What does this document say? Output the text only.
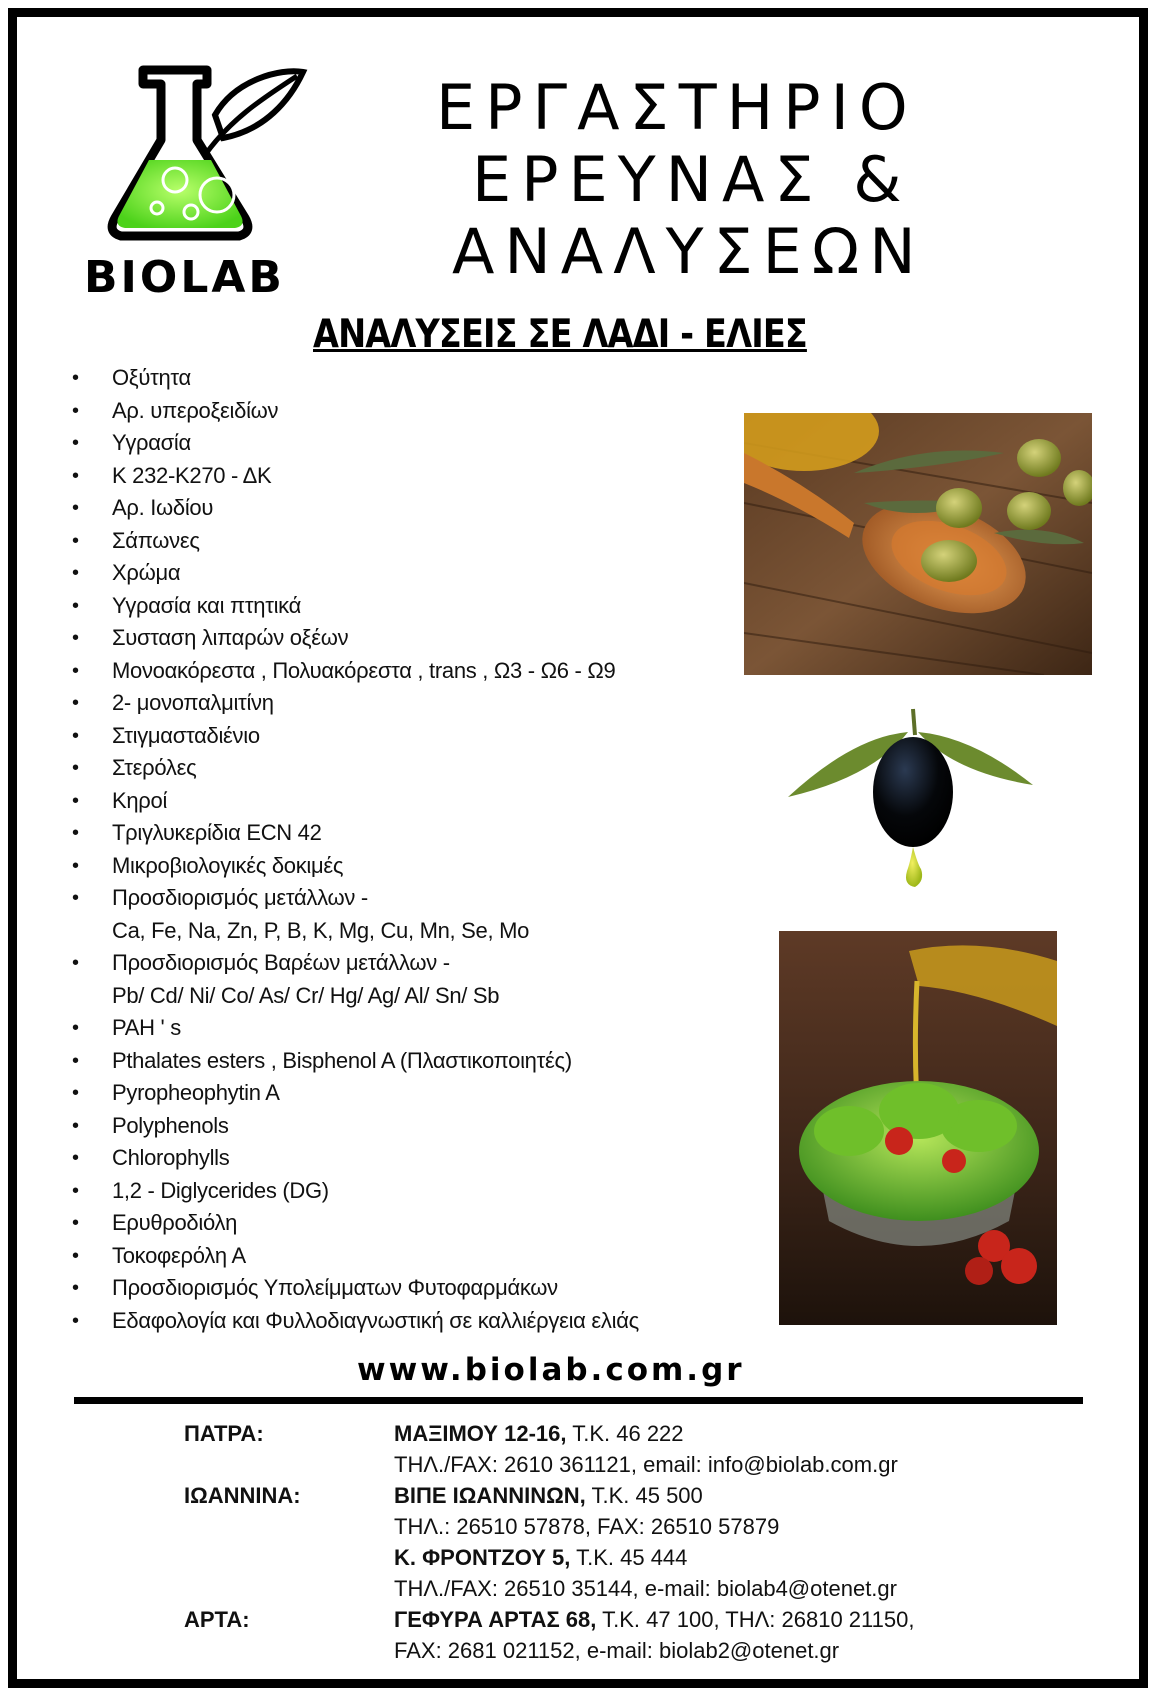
BIOLAB
ΕΡΓΑΣΤΗΡΙΟ
ΕΡΕΥΝΑΣ &
ΑΝΑΛΥΣΕΩΝ
ΑΝΑΛΥΣΕΙΣ ΣΕ ΛΑΔΙ - ΕΛΙΕΣ
• Οξύτητα
• Αρ. υπεροξειδίων
• Υγρασία
• Κ 232-Κ270 - ΔΚ
• Αρ. Ιωδίου
• Σάπωνες
• Χρώμα
• Υγρασία και πτητικά
• Συσταση λιπαρών οξέων
• Μονοακόρεστα , Πολυακόρεστα , trans , Ω3 - Ω6 - Ω9
• 2- μονοπαλμιτίνη
• Στιγμασταδιένιο
• Στερόλες
• Κηροί
• Τριγλυκερίδια ECN 42
• Μικροβιολογικές δοκιμές
• Προσδιορισμός μετάλλων -
Ca, Fe, Na, Zn, P, B, K, Mg, Cu, Mn, Se, Mo
• Προσδιορισμός Βαρέων μετάλλων -
Pb/ Cd/ Ni/ Co/ As/ Cr/ Hg/ Ag/ Al/ Sn/ Sb
• PAH ' s
• Pthalates esters , Bisphenol A (Πλαστικοποιητές)
• Pyropheophytin A
• Polyphenols
• Chlorophylls
• 1,2 - Diglycerides (DG)
• Ερυθροδιόλη
• Τοκοφερόλη Α
• Προσδιορισμός Υπολείμματων Φυτοφαρμάκων
• Εδαφολογία και Φυλλοδιαγνωστική σε καλλιέργεια ελιάς
www.biolab.com.gr
ΠΑΤΡΑ:	ΜΑΞΙΜΟΥ 12-16, Τ.Κ. 46 222
ΤΗΛ./FAX: 2610 361121, email: info@biolab.com.gr
ΙΩΑΝΝΙΝΑ:	ΒΙΠΕ ΙΩΑΝΝΙΝΩΝ, Τ.Κ. 45 500
ΤΗΛ.: 26510 57878, FAX: 26510 57879
Κ. ΦΡΟΝΤΖΟΥ 5, Τ.Κ. 45 444
ΤΗΛ./FAX: 26510 35144, e-mail: biolab4@otenet.gr
ΑΡΤΑ:	ΓΕΦΥΡΑ ΑΡΤΑΣ 68, Τ.Κ. 47 100, ΤΗΛ: 26810 21150,
FAX: 2681 021152, e-mail: biolab2@otenet.gr
